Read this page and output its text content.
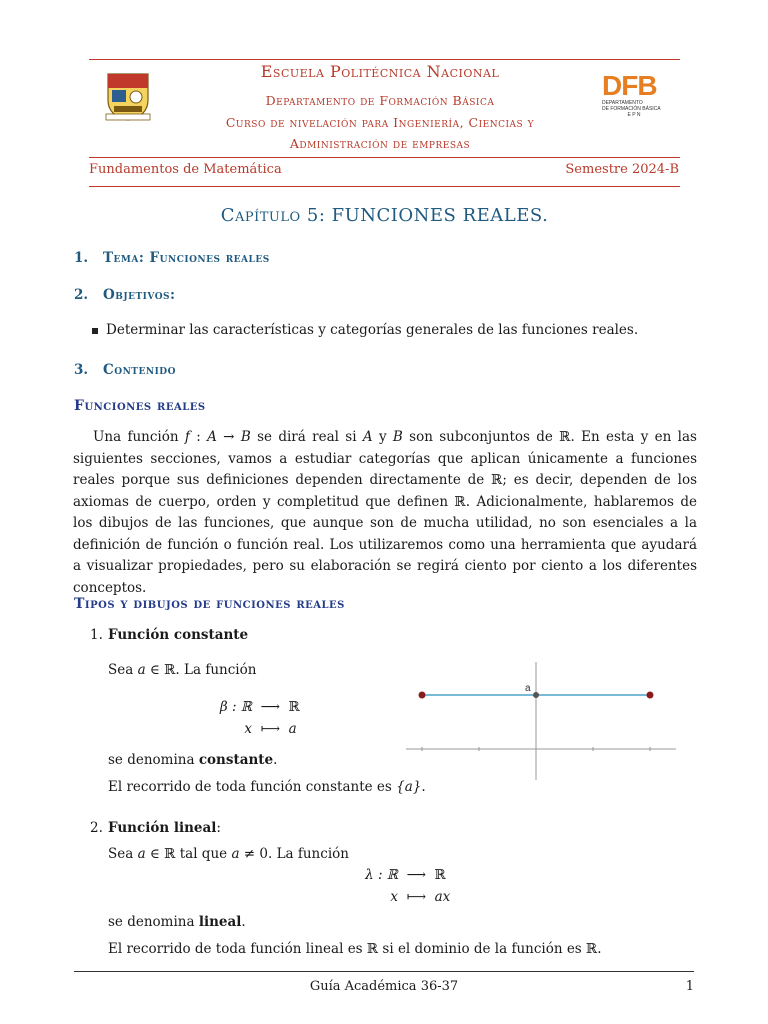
DFB
DEPARTAMENTO
DE FORMACIÓN BÁSICA
E P N
Escuela Politécnica Nacional
Departamento de Formación Básica
Curso de nivelación para Ingeniería, Ciencias y
Administración de empresas
Fundamentos de Matemática	Semestre 2024-B
Capítulo 5: FUNCIONES REALES.
1. Tema: Funciones reales
2. Objetivos:
Determinar las características y categorías generales de las funciones reales.
3. Contenido
Funciones reales
Una función f : A → B se dirá real si A y B son subconjuntos de ℝ. En esta y en las siguientes secciones, vamos a estudiar categorías que aplican únicamente a funciones reales porque sus definiciones dependen directamente de ℝ; es decir, dependen de los axiomas de cuerpo, orden y completitud que definen ℝ. Adicionalmente, hablaremos de los dibujos de las funciones, que aunque son de mucha utilidad, no son esenciales a la definición de función o función real. Los utilizaremos como una herramienta que ayudará a visualizar propiedades, pero su elaboración se regirá ciento por ciento a los diferentes conceptos.
Tipos y dibujos de funciones reales
1. Función constante
Sea a ∈ ℝ. La función
β : ℝ ⟶ ℝ
x ⟼ a
se denomina constante.
El recorrido de toda función constante es {a}.
a
2. Función lineal:
Sea a ∈ ℝ tal que a ≠ 0. La función
λ : ℝ ⟶ ℝ
x ⟼ ax
se denomina lineal.
El recorrido de toda función lineal es ℝ si el dominio de la función es ℝ.
Guía Académica 36-37	1
